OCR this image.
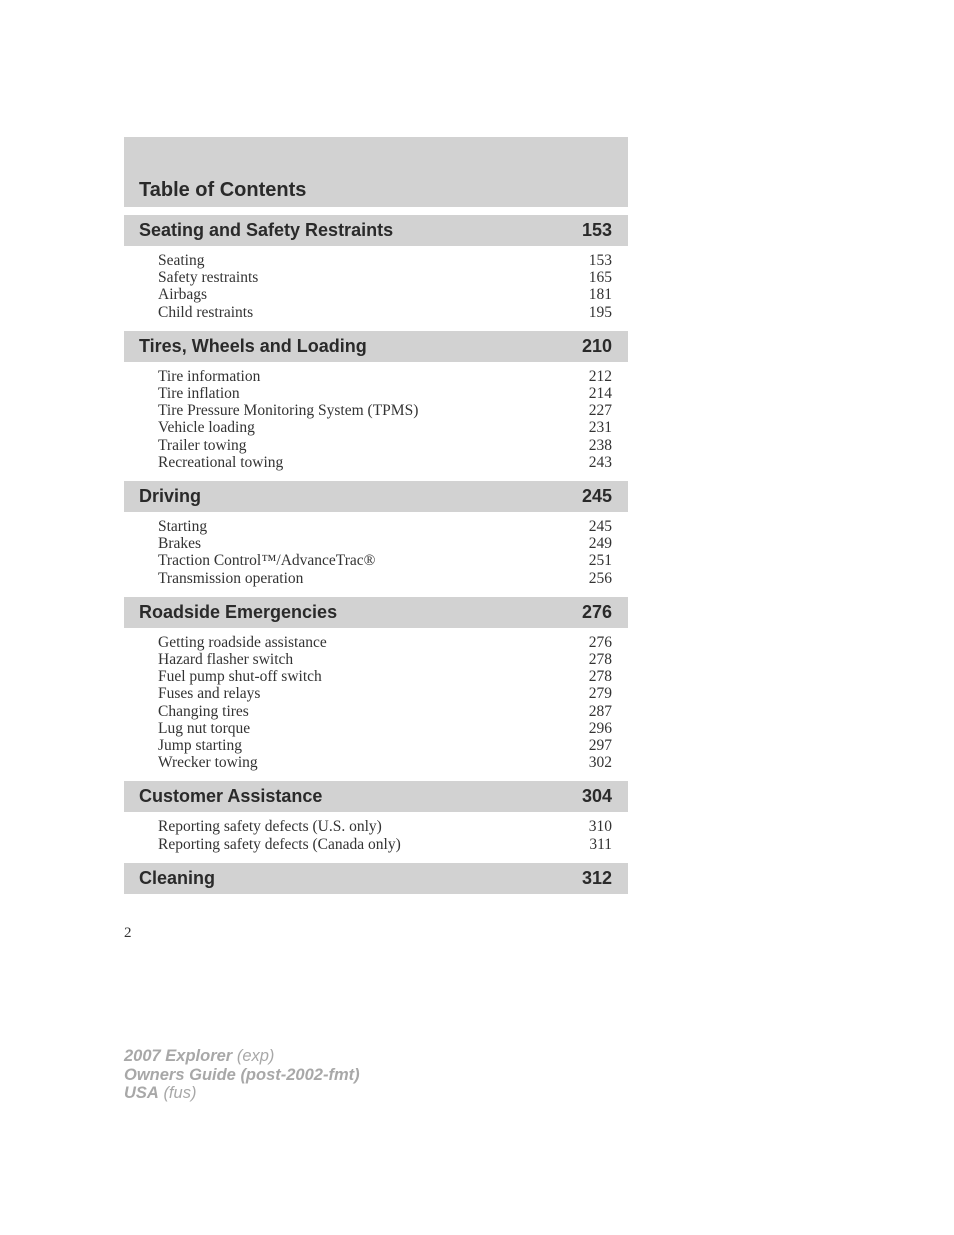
Table of Contents
Seating and Safety Restraints	153
Seating	153
Safety restraints	165
Airbags	181
Child restraints	195
Tires, Wheels and Loading	210
Tire information	212
Tire inflation	214
Tire Pressure Monitoring System (TPMS)	227
Vehicle loading	231
Trailer towing	238
Recreational towing	243
Driving	245
Starting	245
Brakes	249
Traction Control™/AdvanceTrac®	251
Transmission operation	256
Roadside Emergencies	276
Getting roadside assistance	276
Hazard flasher switch	278
Fuel pump shut-off switch	278
Fuses and relays	279
Changing tires	287
Lug nut torque	296
Jump starting	297
Wrecker towing	302
Customer Assistance	304
Reporting safety defects (U.S. only)	310
Reporting safety defects (Canada only)	311
Cleaning	312
2
2007 Explorer (exp)
Owners Guide (post-2002-fmt)
USA (fus)
